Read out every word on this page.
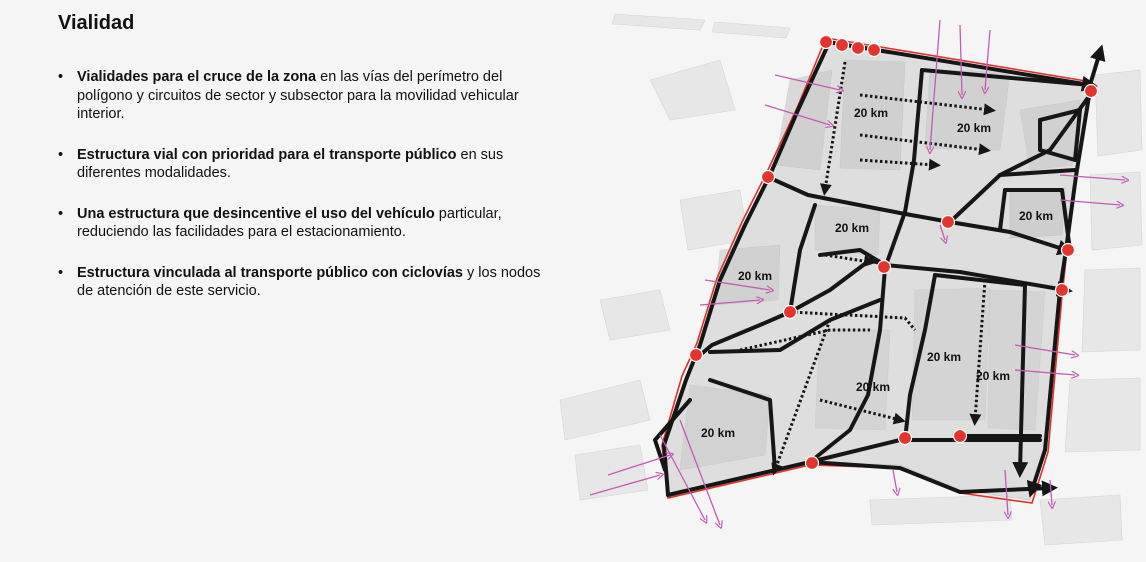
Vialidad
• Vialidades para el cruce de la zona en las vías del perímetro del polígono y circuitos de sector y subsector para la movilidad vehicular interior.
• Estructura vial con prioridad para el transporte público en sus diferentes modalidades.
• Una estructura que desincentive el uso del vehículo particular, reduciendo las facilidades para el estacionamiento.
• Estructura vinculada al transporte público con ciclovías y los nodos de atención de este servicio.
20 km
20 km
20 km
20 km
20 km
20 km
20 km
20 km
20 km
